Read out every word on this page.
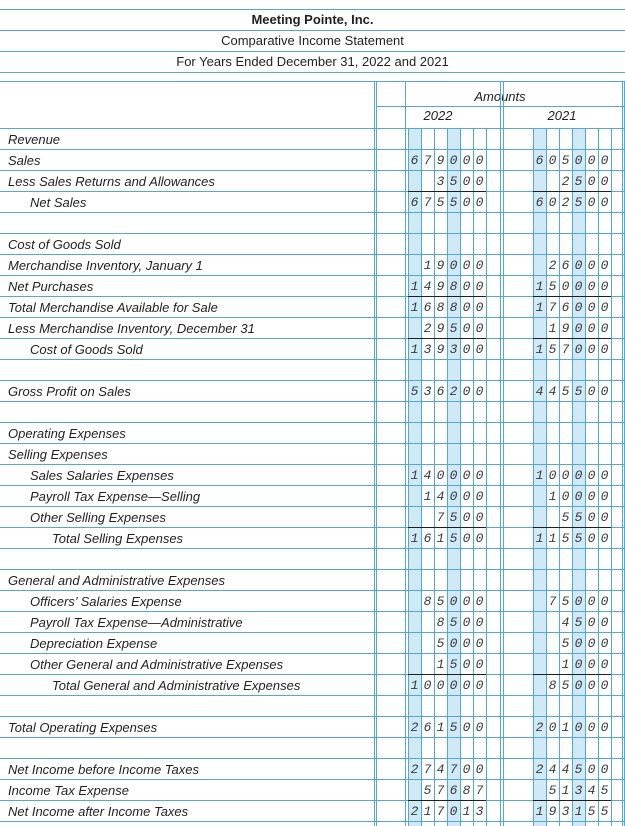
Meeting Pointe, Inc.
Comparative Income Statement
For Years Ended December 31, 2022 and 2021
Amounts
2022	2021
Revenue
Sales	6 7 9 0 0 0	6 0 5 0 0 0
Less Sales Returns and Allowances	3 5 0 0	2 5 0 0
Net Sales	6 7 5 5 0 0	6 0 2 5 0 0
Cost of Goods Sold
Merchandise Inventory, January 1	1 9 0 0 0	2 6 0 0 0
Net Purchases	1 4 9 8 0 0	1 5 0 0 0 0
Total Merchandise Available for Sale	1 6 8 8 0 0	1 7 6 0 0 0
Less Merchandise Inventory, December 31	2 9 5 0 0	1 9 0 0 0
Cost of Goods Sold	1 3 9 3 0 0	1 5 7 0 0 0
Gross Profit on Sales	5 3 6 2 0 0	4 4 5 5 0 0
Operating Expenses
Selling Expenses
Sales Salaries Expenses	1 4 0 0 0 0	1 0 0 0 0 0
Payroll Tax Expense—Selling	1 4 0 0 0	1 0 0 0 0
Other Selling Expenses	7 5 0 0	5 5 0 0
Total Selling Expenses	1 6 1 5 0 0	1 1 5 5 0 0
General and Administrative Expenses
Officers’ Salaries Expense	8 5 0 0 0	7 5 0 0 0
Payroll Tax Expense—Administrative	8 5 0 0	4 5 0 0
Depreciation Expense	5 0 0 0	5 0 0 0
Other General and Administrative Expenses	1 5 0 0	1 0 0 0
Total General and Administrative Expenses	1 0 0 0 0 0	8 5 0 0 0
Total Operating Expenses	2 6 1 5 0 0	2 0 1 0 0 0
Net Income before Income Taxes	2 7 4 7 0 0	2 4 4 5 0 0
Income Tax Expense	5 7 6 8 7	5 1 3 4 5
Net Income after Income Taxes	2 1 7 0 1 3	1 9 3 1 5 5
